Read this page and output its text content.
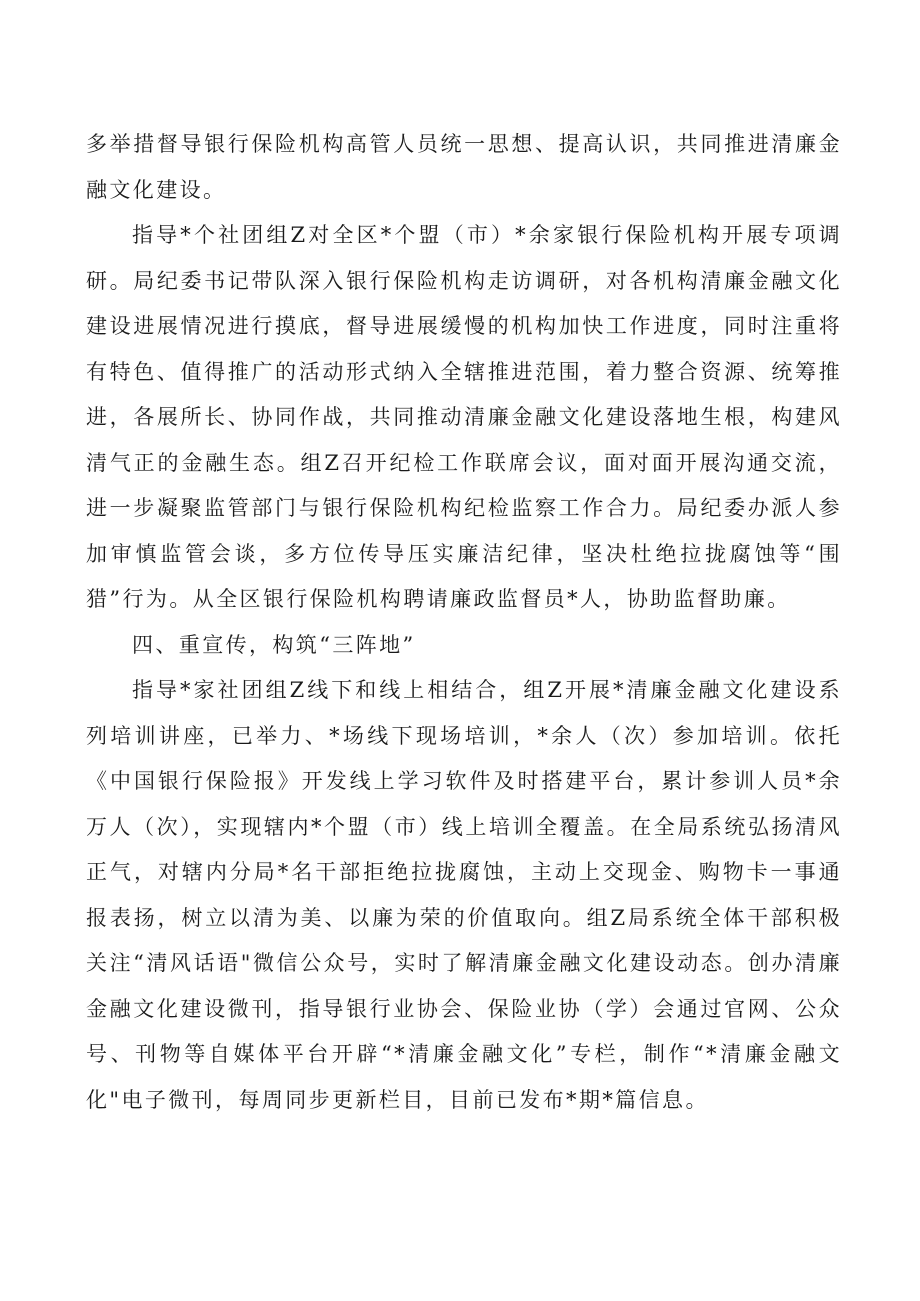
多举措督导银行保险机构高管人员统一思想、提高认识，共同推进清廉金融文化建设。

指导*个社团组Z对全区*个盟（市）*余家银行保险机构开展专项调研。局纪委书记带队深入银行保险机构走访调研，对各机构清廉金融文化建设进展情况进行摸底，督导进展缓慢的机构加快工作进度，同时注重将有特色、值得推广的活动形式纳入全辖推进范围，着力整合资源、统筹推进，各展所长、协同作战，共同推动清廉金融文化建设落地生根，构建风清气正的金融生态。组Z召开纪检工作联席会议，面对面开展沟通交流，进一步凝聚监管部门与银行保险机构纪检监察工作合力。局纪委办派人参加审慎监管会谈，多方位传导压实廉洁纪律，坚决杜绝拉拢腐蚀等“围猎”行为。从全区银行保险机构聘请廉政监督员*人，协助监督助廉。

四、重宣传，构筑“三阵地”

指导*家社团组Z线下和线上相结合，组Z开展*清廉金融文化建设系列培训讲座，已举力、*场线下现场培训，*余人（次）参加培训。依托《中国银行保险报》开发线上学习软件及时搭建平台，累计参训人员*余万人（次），实现辖内*个盟（市）线上培训全覆盖。在全局系统弘扬清风正气，对辖内分局*名干部拒绝拉拢腐蚀，主动上交现金、购物卡一事通报表扬，树立以清为美、以廉为荣的价值取向。组Z局系统全体干部积极关注“清风话语"微信公众号，实时了解清廉金融文化建设动态。创办清廉金融文化建设微刊，指导银行业协会、保险业协（学）会通过官网、公众号、刊物等自媒体平台开辟“*清廉金融文化”专栏，制作“*清廉金融文化"电子微刊，每周同步更新栏目，目前已发布*期*篇信息。
